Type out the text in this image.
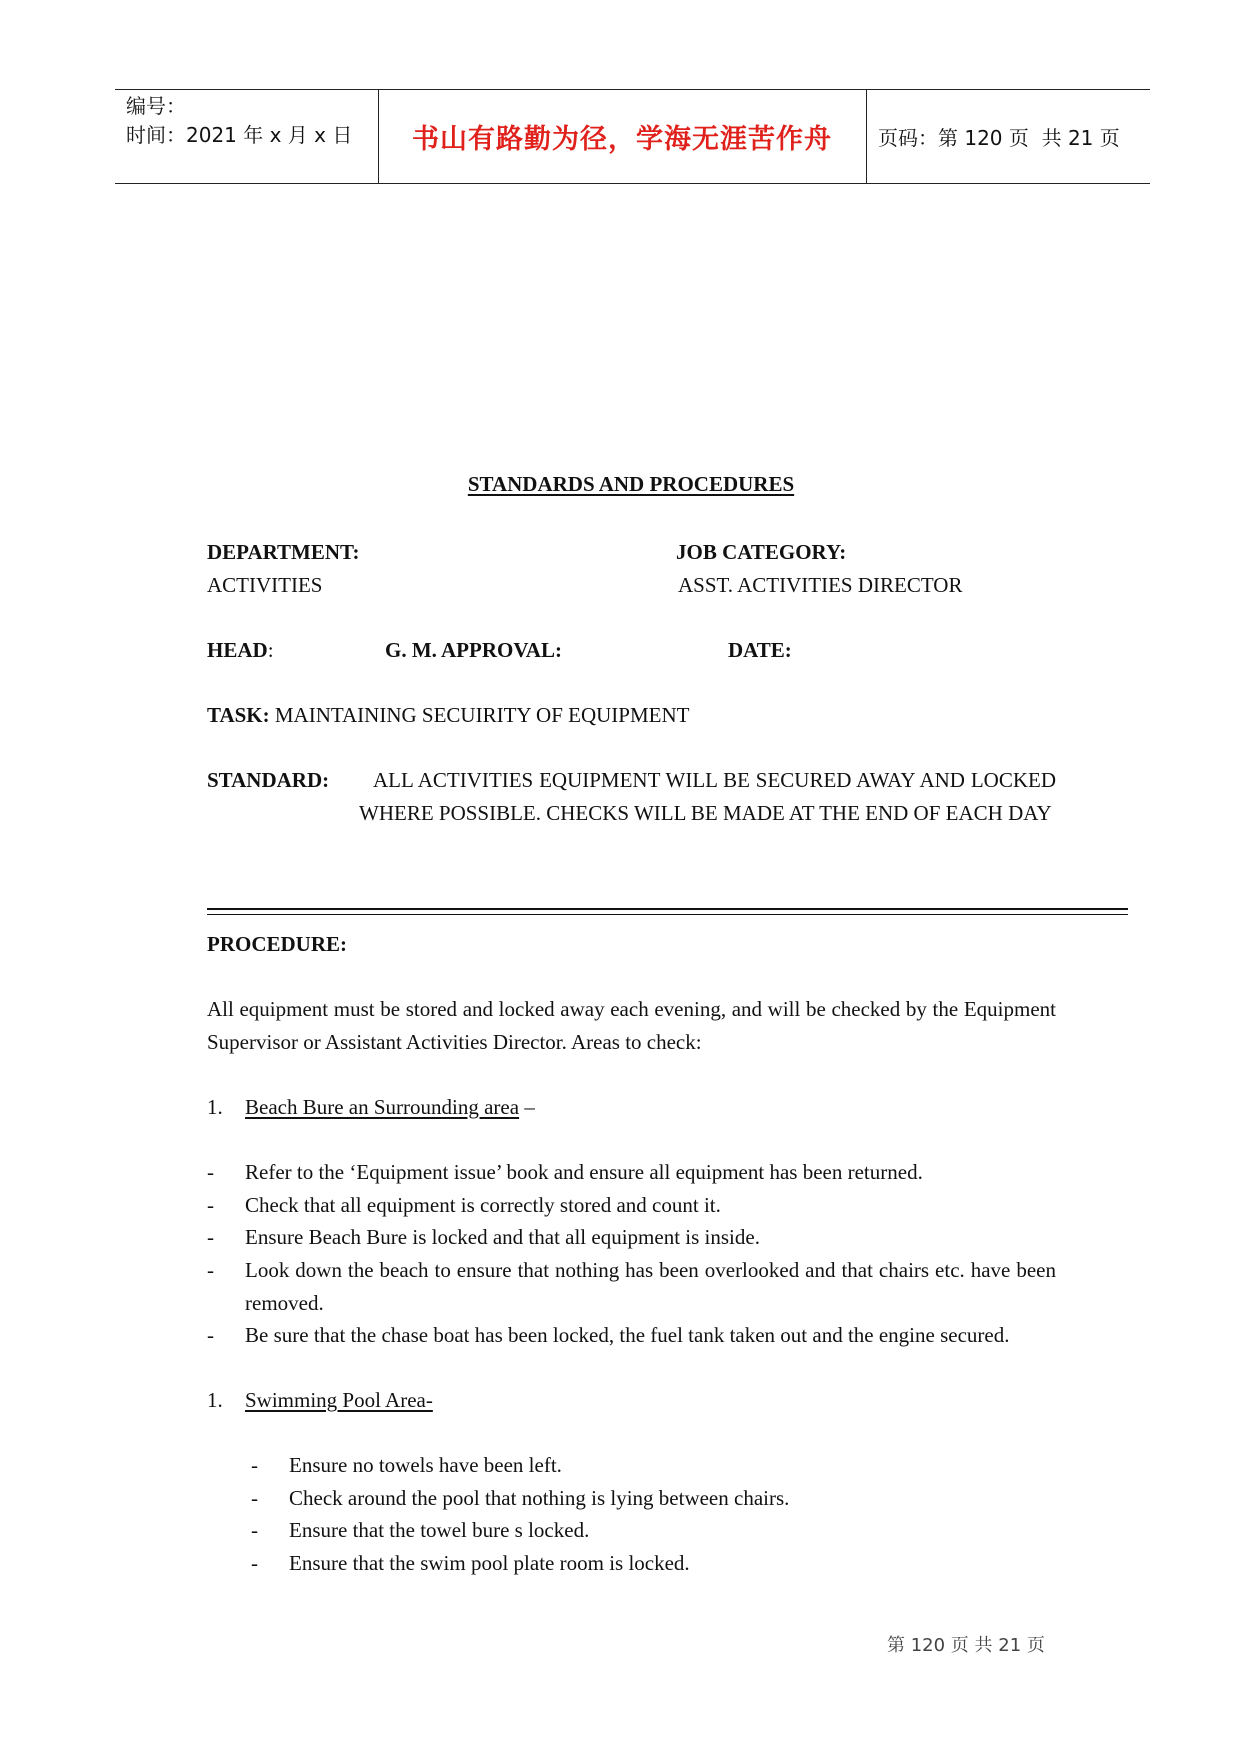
编号：
时间：2021 年 x 月 x 日	书山有路勤为径，学海无涯苦作舟	页码：第 120 页  共 21 页
STANDARDS AND PROCEDURES
DEPARTMENT:
ACTIVITIES
JOB CATEGORY:
ASST. ACTIVITIES DIRECTOR
HEAD:	G. M. APPROVAL:	DATE:
TASK: MAINTAINING SECUIRITY OF EQUIPMENT
STANDARD:	ALL ACTIVITIES EQUIPMENT WILL BE SECURED AWAY AND LOCKED WHERE POSSIBLE. CHECKS WILL BE MADE AT THE END OF EACH DAY
PROCEDURE:
All equipment must be stored and locked away each evening, and will be checked by the Equipment Supervisor or Assistant Activities Director. Areas to check:
1. Beach Bure an Surrounding area –
- Refer to the ‘Equipment issue’ book and ensure all equipment has been returned.
- Check that all equipment is correctly stored and count it.
- Ensure Beach Bure is locked and that all equipment is inside.
- Look down the beach to ensure that nothing has been overlooked and that chairs etc. have been removed.
- Be sure that the chase boat has been locked, the fuel tank taken out and the engine secured.
1. Swimming Pool Area-
- Ensure no towels have been left.
- Check around the pool that nothing is lying between chairs.
- Ensure that the towel bure s locked.
- Ensure that the swim pool plate room is locked.
第 120 页 共 21 页
